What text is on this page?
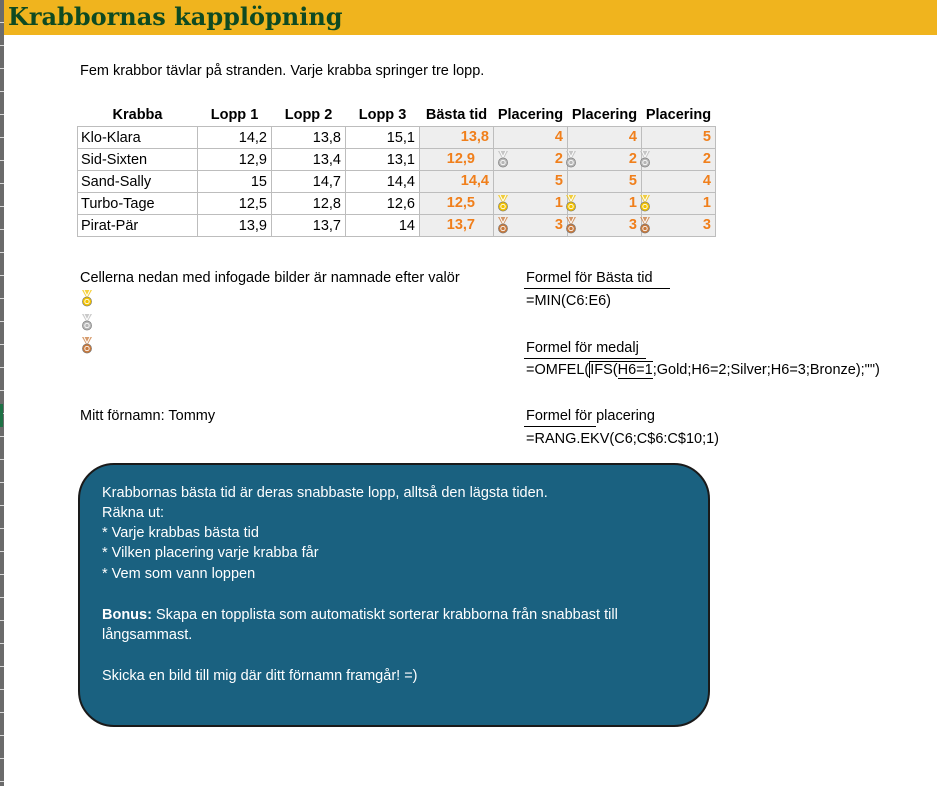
Krabbornas kapplöpning
Fem krabbor tävlar på stranden. Varje krabba springer tre lopp.
Krabba	Lopp 1	Lopp 2	Lopp 3	Bästa tid	Placering	Placering	Placering
Klo-Klara	14,2	13,8	15,1	13,8	4	4	5

Sid-Sixten	12,9	13,4	13,1	12,9	2	2	2

Sand-Sally	15	14,7	14,4	14,4	5	5	4

Turbo-Tage	12,5	12,8	12,6	12,5	1	1	1

Pirat-Pär	13,9	13,7	14	13,7	3	3	3
Cellerna nedan med infogade bilder är namnade efter valör	Formel för Bästa tid
=MIN(C6:E6)
Formel för medalj
=OMFEL(IFS(H6=1;Gold;H6=2;Silver;H6=3;Bronze);"")
Formel för placering
=RANG.EKV(C6;C$6:C$10;1)
Mitt förnamn: Tommy
Krabbornas bästa tid är deras snabbaste lopp, alltså den lägsta tiden.
Räkna ut:
* Varje krabbas bästa tid
* Vilken placering varje krabba får
* Vem som vann loppen
Bonus: Skapa en topplista som automatiskt sorterar krabborna från snabbast till
långsammast.
Skicka en bild till mig där ditt förnamn framgår! =)
